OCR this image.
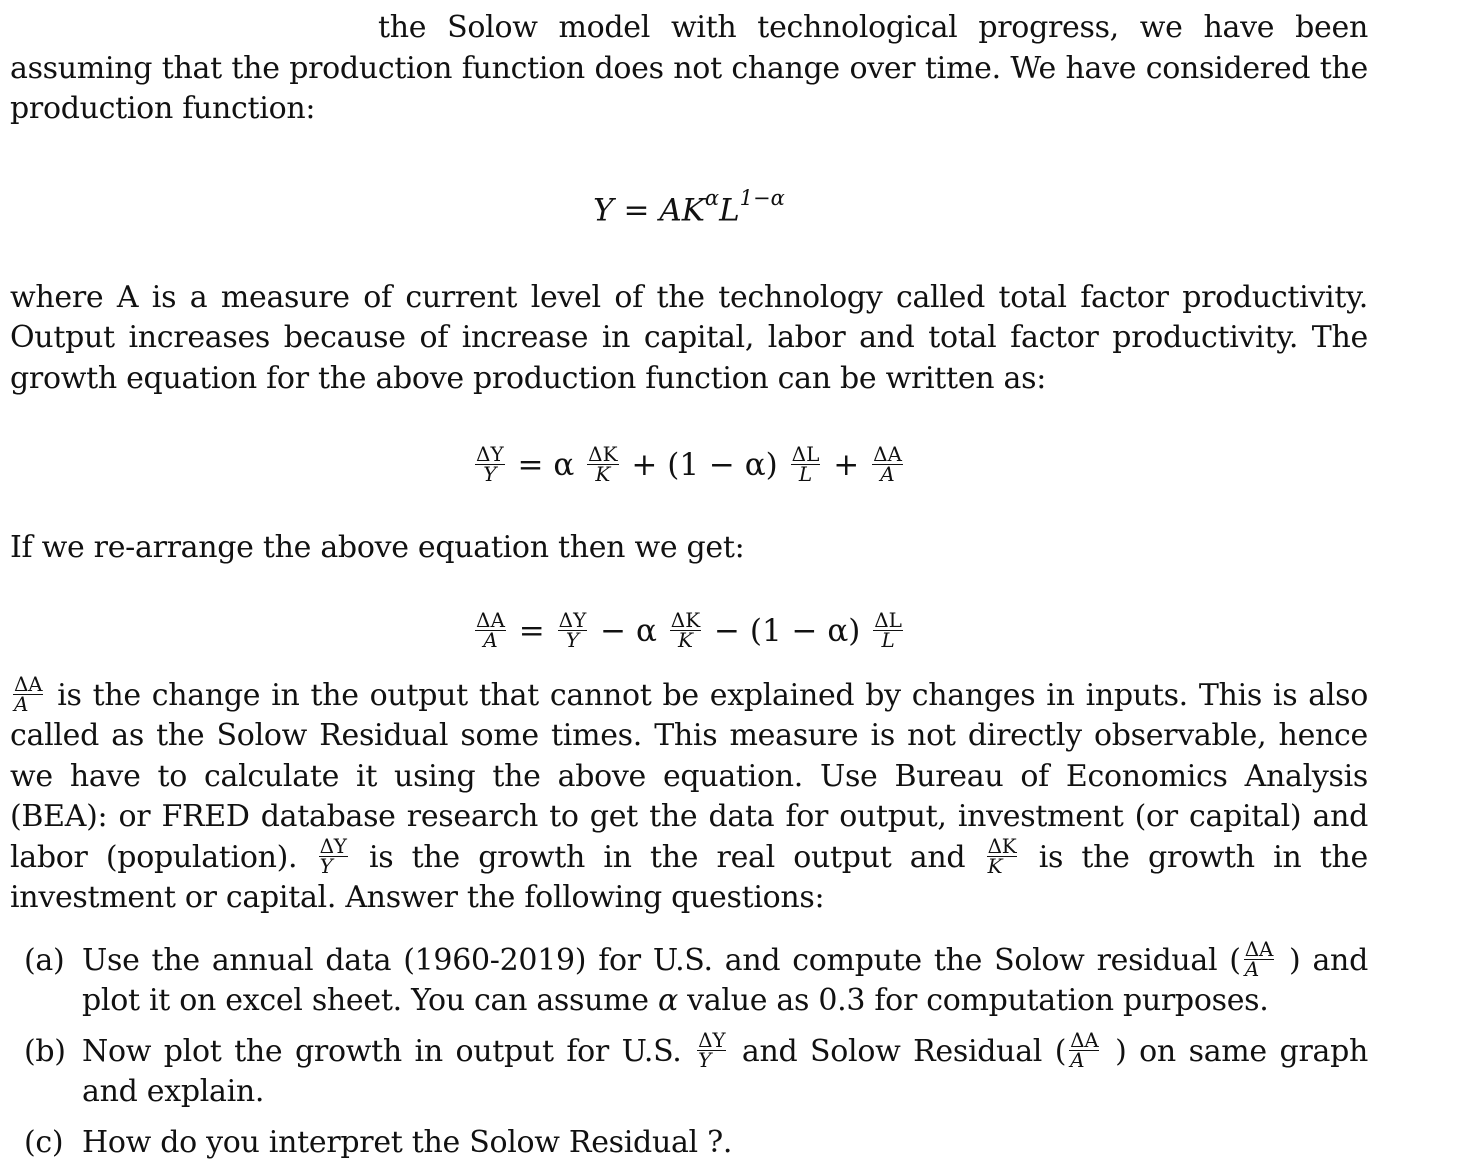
the Solow model with technological progress, we have been assuming that the production function does not change over time. We have considered the production function:

$Y = AK^\alpha L^{1-\alpha}$

where A is a measure of current level of the technology called total factor productivity. Output increases because of increase in capital, labor and total factor productivity. The growth equation for the above production function can be written as:

$\frac{\Delta Y}{Y} = \alpha \frac{\Delta K}{K} + (1 - \alpha) \frac{\Delta L}{L} + \frac{\Delta A}{A}$

If we re-arrange the above equation then we get:

$\frac{\Delta A}{A} = \frac{\Delta Y}{Y} - \alpha \frac{\Delta K}{K} - (1 - \alpha) \frac{\Delta L}{L}$

$\frac{\Delta A}{A}$ is the change in the output that cannot be explained by changes in inputs. This is also called as the Solow Residual some times. This measure is not directly observable, hence we have to calculate it using the above equation. Use Bureau of Economics Analysis (BEA): or FRED database research to get the data for output, investment (or capital) and labor (population). $\frac{\Delta Y}{Y}$ is the growth in the real output and $\frac{\Delta K}{K}$ is the growth in the investment or capital. Answer the following questions:

(a) Use the annual data (1960-2019) for U.S. and compute the Solow residual ( $\frac{\Delta A}{A}$ ) and plot it on excel sheet. You can assume α value as 0.3 for computation purposes.
(b) Now plot the growth in output for U.S. $\frac{\Delta Y}{Y}$ and Solow Residual ( $\frac{\Delta A}{A}$ ) on same graph and explain.
(c) How do you interpret the Solow Residual ?.
